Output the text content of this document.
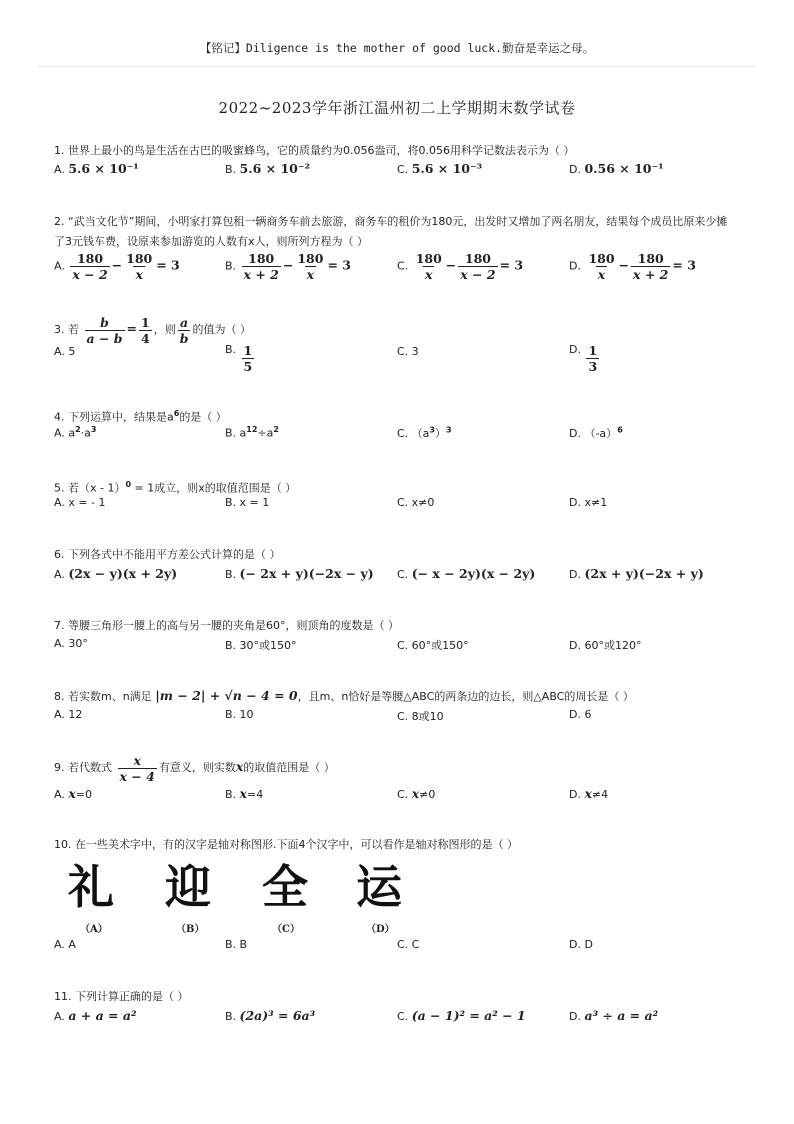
【铭记】Diligence is the mother of good luck.勤奋是幸运之母。
2022~2023学年浙江温州初二上学期期末数学试卷
1. 世界上最小的鸟是生活在古巴的吸蜜蜂鸟，它的质量约为0.056盎司，将0.056用科学记数法表示为（ ）
A. 5.6 × 10⁻¹	B. 5.6 × 10⁻²	C. 5.6 × 10⁻³	D. 0.56 × 10⁻¹
2. “武当文化节”期间，小明家打算包租一辆商务车前去旅游，商务车的租价为180元，出发时又增加了两名朋友，结果每个成员比原来少摊
了3元钱车费，设原来参加游览的人数有x人，则所列方程为（ ）
A. $\frac{180}{x - 2} - \frac{180}{x} = 3$	B. $\frac{180}{x + 2} - \frac{180}{x} = 3$	C. $\frac{180}{x} - \frac{180}{x - 2} = 3$	D. $\frac{180}{x} - \frac{180}{x + 2} = 3$
3. 若 $\frac{b}{a - b} = \frac{1}{4}$ ，则 $\frac{a}{b}$ 的值为（ ）
A. 5	B. $\frac{1}{5}$	C. 3	D. $\frac{1}{3}$
4. 下列运算中，结果是$a^6$的是（ ）
A. $a^2\cdot a^3$	B. $a^{12}\div a^2$	C. $(a^3)^3$	D. $(-a)^6$
5. 若（x - 1）$^0$ = 1成立，则x的取值范围是（ ）
A. x = - 1	B. x = 1	C. x≠0	D. x≠1
6. 下列各式中不能用平方差公式计算的是（ ）
A. (2x − y)(x + 2y)	B. (− 2x + y)(−2x − y) C. (− x − 2y)(x − 2y)	D. (2x + y)(−2x + y)
7. 等腰三角形一腰上的高与另一腰的夹角是60°，则顶角的度数是（ ）
A. 30°	B. 30°或150°	C. 60°或150°	D. 60°或120°
8. 若实数m、n满足 |m − 2| + √n − 4 = 0，且m、n恰好是等腰△ABC的两条边的边长，则△ABC的周长是（ ）
A. 12	B. 10	C. 8或10	D. 6
9. 若代数式 $\frac{x}{x - 4}$ 有意义，则实数x的取值范围是（ ）
A. x=0	B. x=4	C. x≠0	D. x≠4
10. 在一些美术字中，有的汉字是轴对称图形.下面4个汉字中，可以看作是轴对称图形的是（ ）
礼 迎 全 运
（A）	（B）	（C）	（D）
A. A	B. B	C. C	D. D
11. 下列计算正确的是（ ）
A. a + a = a²	B. (2a)³ = 6a³	C. (a − 1)² = a² − 1	D. a³ ÷ a = a²
